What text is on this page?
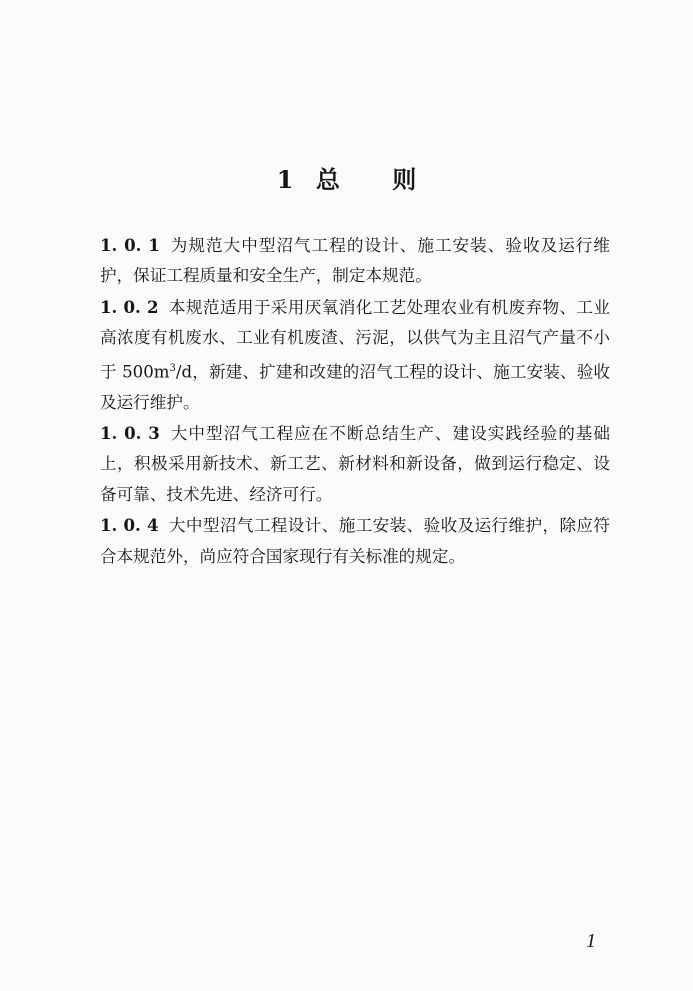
1 总 则

1. 0. 1 为规范大中型沼气工程的设计、施工安装、验收及运行维护，保证工程质量和安全生产，制定本规范。

1. 0. 2 本规范适用于采用厌氧消化工艺处理农业有机废弃物、工业高浓度有机废水、工业有机废渣、污泥，以供气为主且沼气产量不小于 $500m^3/d$，新建、扩建和改建的沼气工程的设计、施工安装、验收及运行维护。

1. 0. 3 大中型沼气工程应在不断总结生产、建设实践经验的基础上，积极采用新技术、新工艺、新材料和新设备，做到运行稳定、设备可靠、技术先进、经济可行。

1. 0. 4 大中型沼气工程设计、施工安装、验收及运行维护，除应符合本规范外，尚应符合国家现行有关标准的规定。

1
